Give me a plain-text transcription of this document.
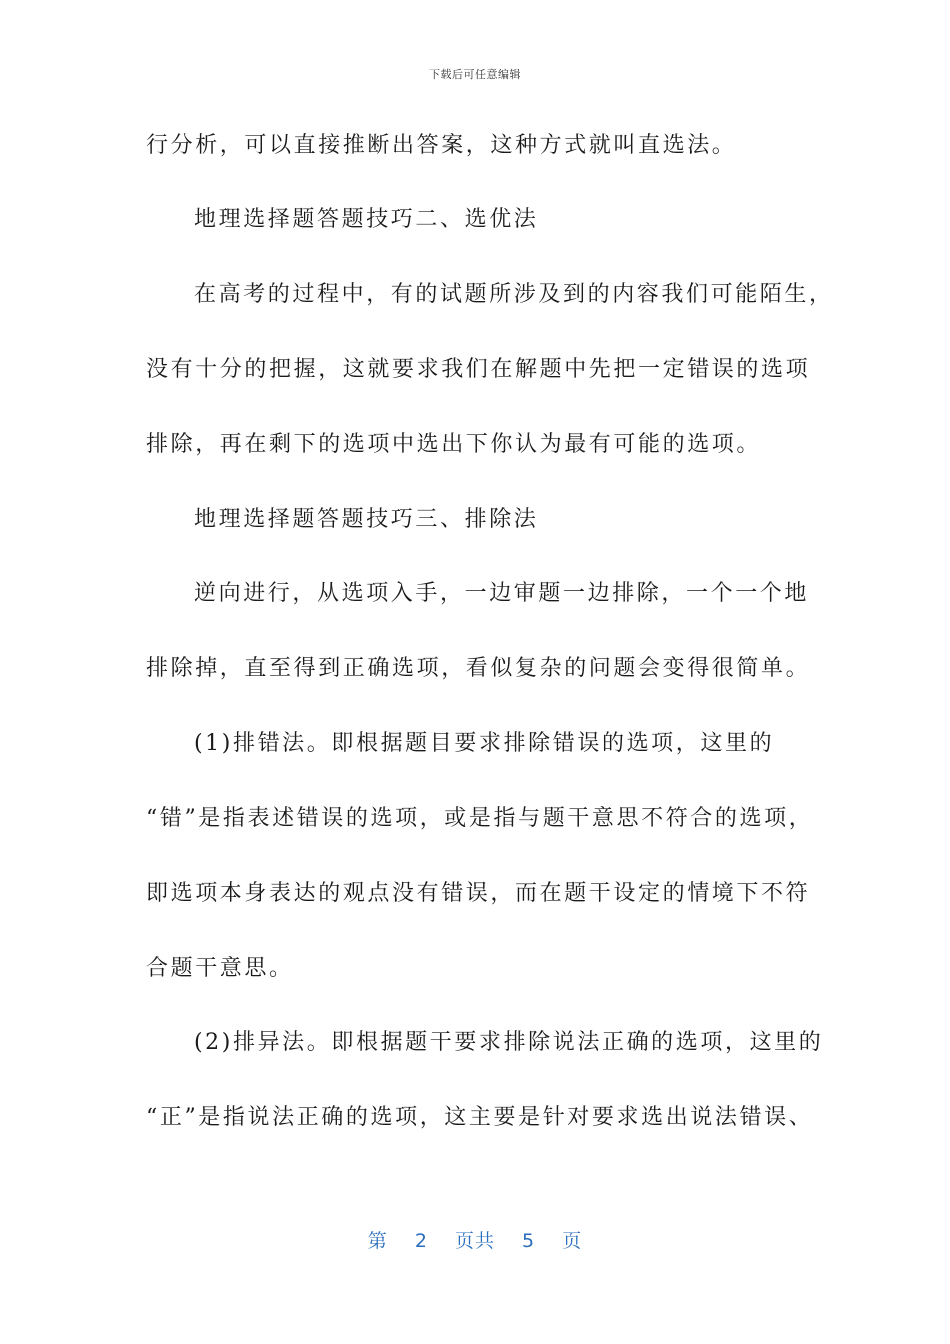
下载后可任意编辑
行分析，可以直接推断出答案，这种方式就叫直选法。
地理选择题答题技巧二、选优法
在高考的过程中，有的试题所涉及到的内容我们可能陌生，
没有十分的把握，这就要求我们在解题中先把一定错误的选项
排除，再在剩下的选项中选出下你认为最有可能的选项。
地理选择题答题技巧三、排除法
逆向进行，从选项入手，一边审题一边排除，一个一个地
排除掉，直至得到正确选项，看似复杂的问题会变得很简单。
(1)排错法。即根据题目要求排除错误的选项，这里的
“错”是指表述错误的选项，或是指与题干意思不符合的选项，
即选项本身表达的观点没有错误，而在题干设定的情境下不符
合题干意思。
(2)排异法。即根据题干要求排除说法正确的选项，这里的
“正”是指说法正确的选项，这主要是针对要求选出说法错误、
第 2 页共 5 页
